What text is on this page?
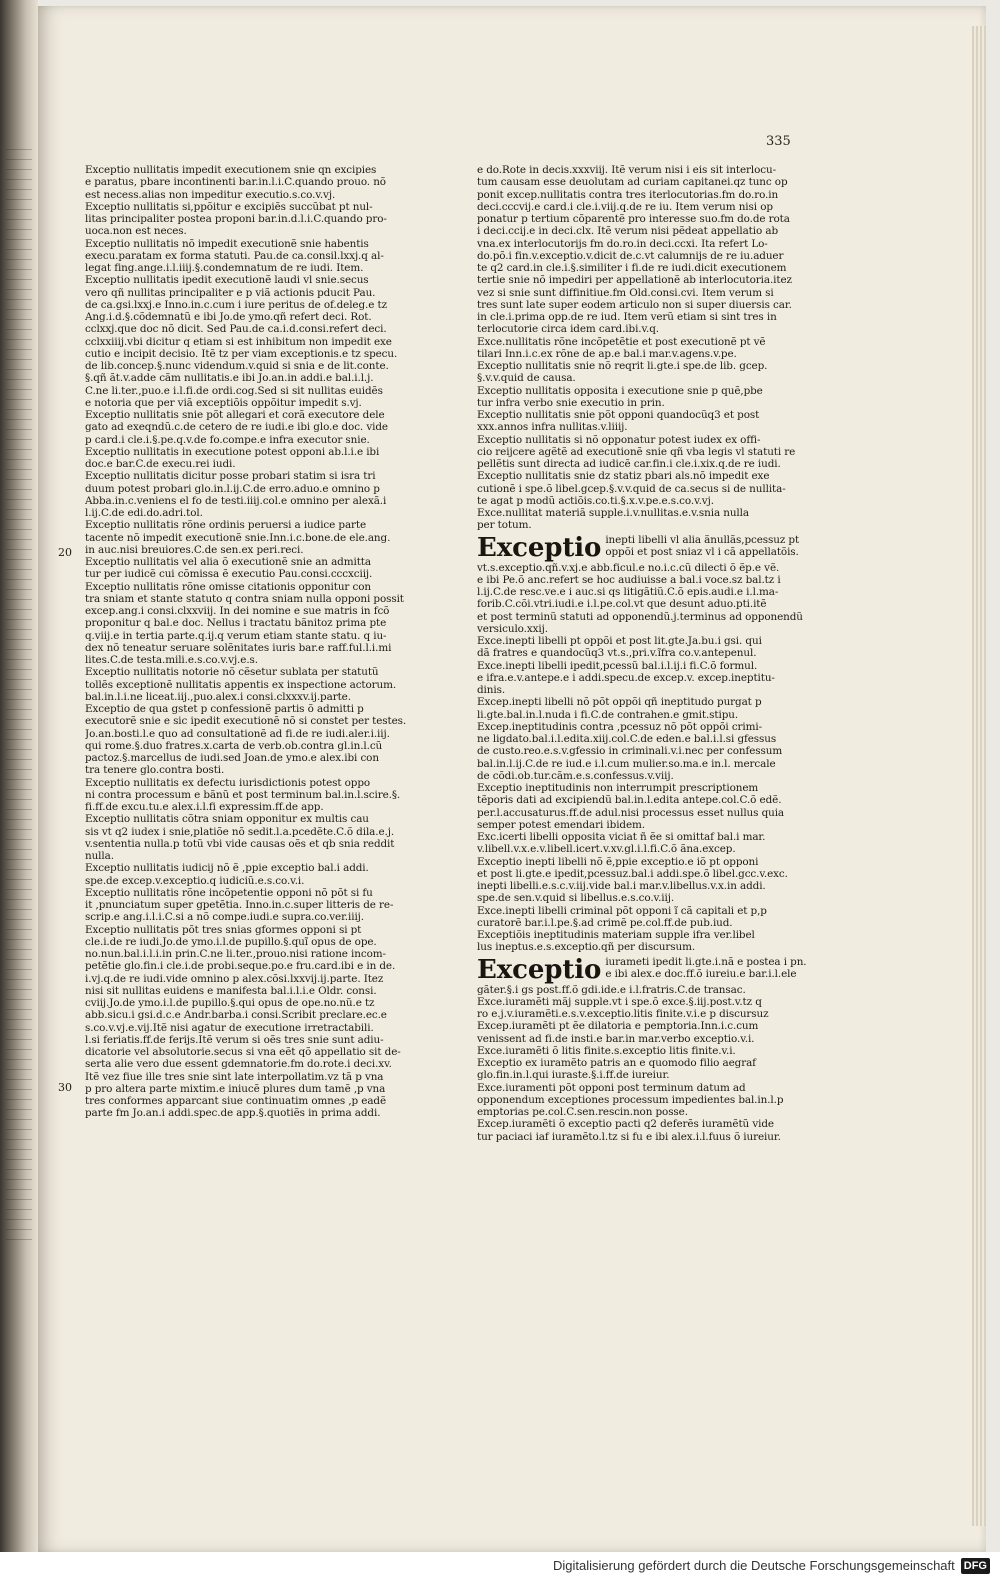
335
20
30
Exceptio nullitatis impedit executionem snie qn excipies
e paratus, pbare incontinenti bar.in.l.i.C.quando prouo. nõ
est necess.alias non impeditur executio.s.co.v.vj.
Exceptio nullitatis si,ppõitur e excipiẽs succũbat pt nul-
litas principaliter postea proponi bar.in.d.l.i.C.quando pro-
uoca.non est neces.
Exceptio nullitatis nõ impedit executionẽ snie habentis
execu.paratam ex forma statuti. Pau.de ca.consil.lxxj.q al-
legat fing.ange.i.l.iiij.§.condemnatum de re iudi. Item.
Exceptio nullitatis ipedit executionẽ laudi vl snie.secus
vero qñ nullitas principaliter e p viã actionis pducit Pau.
de ca.gsi.lxxj.e Inno.in.c.cum i iure peritus de of.deleg.e tz
Ang.i.d.§.cõdemnatũ e ibi Jo.de ymo.qñ refert deci. Rot.
cclxxj.que doc nõ dicit. Sed Pau.de ca.i.d.consi.refert deci.
cclxxiiij.vbi dicitur q etiam si est inhibitum non impedit exe
cutio e incipit decisio. Itẽ tz per viam exceptionis.e tz specu.
de lib.concep.§.nunc videndum.v.quid si snia e de lit.conte.
§.qñ ãt.v.adde cãm nullitatis.e ibi Jo.an.in addi.e bal.i.l.j.
C.ne li.ter.,puo.e i.l.fi.de ordi.cog.Sed si sit nullitas euidẽs
e notoria que per viã exceptiõis oppõitur impedit s.vj.
Exceptio nullitatis snie põt allegari et corã executore dele
gato ad exeqndũ.c.de cetero de re iudi.e ibi glo.e doc. vide
p card.i cle.i.§.pe.q.v.de fo.compe.e infra executor snie.
Exceptio nullitatis in executione potest opponi ab.l.i.e ibi
doc.e bar.C.de execu.rei iudi.
Exceptio nullitatis dicitur posse probari statim si isra tri
duum potest probari glo.in.l.ij.C.de erro.aduo.e omnino p
Abba.in.c.veniens el fo de testi.iiij.col.e omnino per alexã.i
l.ij.C.de edi.do.adri.tol.
Exceptio nullitatis rõne ordinis peruersi a iudice parte
tacente nõ impedit executionẽ snie.Inn.i.c.bone.de ele.ang.
in auc.nisi breuiores.C.de sen.ex peri.reci.
Exceptio nullitatis vel alia õ executionẽ snie an admitta
tur per iudicẽ cui cõmissa ẽ executio Pau.consi.cccxciij.
Exceptio nullitatis rõne omisse citationis opponitur con
tra sniam et stante statuto q contra sniam nulla opponi possit
excep.ang.i consi.clxxviij. In dei nomine e sue matris in fcõ
proponitur q bal.e doc. Nellus i tractatu bãnitoz prima pte
q.viij.e in tertia parte.q.ij.q verum etiam stante statu. q iu-
dex nõ teneatur seruare solẽnitates iuris bar.e raff.ful.l.i.mi
lites.C.de testa.mili.e.s.co.v.vj.e.s.
Exceptio nullitatis notorie nõ cẽsetur sublata per statutũ
tollẽs exceptionẽ nullitatis appentis ex inspectione actorum.
bal.in.l.i.ne liceat.iij.,puo.alex.i consi.clxxxv.ij.parte.
Exceptio de qua gstet p confessionẽ partis õ admitti p
executorẽ snie e sic ipedit executionẽ nõ si constet per testes.
Jo.an.bosti.l.e quo ad consultationẽ ad fi.de re iudi.aler.i.iij.
qui rome.§.duo fratres.x.carta de verb.ob.contra gl.in.l.cũ
pactoz.§.marcellus de iudi.sed Joan.de ymo.e alex.ibi con
tra tenere glo.contra bosti.
Exceptio nullitatis ex defectu iurisdictionis potest oppo
ni contra processum e bãnũ et post terminum bal.in.l.scire.§.
fi.ff.de excu.tu.e alex.i.l.fi expressim.ff.de app.
Exceptio nullitatis cõtra sniam opponitur ex multis cau
sis vt q2 iudex i snie,platiõe nõ sedit.l.a.pcedẽte.C.õ dila.e.j.
v.sententia nulla.p totũ vbi vide causas oẽs et qb snia reddit
nulla.
Exceptio nullitatis iudicij nõ ẽ ,ppie exceptio bal.i addi.
spe.de excep.v.exceptio.q iudiciũ.e.s.co.v.i.
Exceptio nullitatis rõne incõpetentie opponi nõ põt si fu
it ,pnunciatum super gpetẽtia. Inno.in.c.super litteris de re-
scrip.e ang.i.l.i.C.si a nõ compe.iudi.e supra.co.ver.iiij.
Exceptio nullitatis põt tres snias gformes opponi si pt
cle.i.de re iudi.Jo.de ymo.i.l.de pupillo.§.quĩ opus de ope.
no.nun.bal.i.l.i.in prin.C.ne li.ter.,prouo.nisi ratione incom-
petẽtie glo.fin.i cle.i.de probi.seque.po.e fru.card.ibi e in de.
i.vj.q.de re iudi.vide omnino p alex.cõsi.lxxvij.ij.parte. Itez
nisi sit nullitas euidens e manifesta bal.i.l.i.e Oldr. consi.
cviij.Jo.de ymo.i.l.de pupillo.§.qui opus de ope.no.nũ.e tz
abb.sicu.i gsi.d.c.e Andr.barba.i consi.Scribit preclare.ec.e
s.co.v.vj.e.vij.Itẽ nisi agatur de executione irretractabili.
l.si feriatis.ff.de ferijs.Itẽ verum si oẽs tres snie sunt adiu-
dicatorie vel absolutorie.secus si vna eẽt qõ appellatio sit de-
serta alie vero due essent gdemnatorie.fm do.rote.i deci.xv.
Itẽ vez fiue ille tres snie sint late interpollatim.vz tã p vna
p pro altera parte mixtim.e iniucẽ plures dum tamẽ ,p vna
tres conformes apparcant siue continuatim omnes ,p eadẽ
parte fm Jo.an.i addi.spec.de app.§.quotiẽs in prima addi.
e do.Rote in decis.xxxviij. Itẽ verum nisi i eis sit interlocu-
tum causam esse deuolutam ad curiam capitanei.qz tunc op
ponit excep.nullitatis contra tres iterlocutorias.fm do.ro.in
deci.cccvij.e card.i cle.i.viij.q.de re iu. Item verum nisi op
ponatur p tertium cõparentẽ pro interesse suo.fm do.de rota
i deci.ccij.e in deci.clx. Itẽ verum nisi pẽdeat appellatio ab
vna.ex interlocutorijs fm do.ro.in deci.ccxi. Ita refert Lo-
do.põ.i fin.v.exceptio.v.dicit de.c.vt calumnijs de re iu.aduer
te q2 card.in cle.i.§.similiter i fi.de re iudi.dicit executionem
tertie snie nõ impediri per appellationẽ ab interlocutoria.itez
vez si snie sunt diffinitiue.fm Old.consi.cvi. Item verum si
tres sunt late super eodem articulo non si super diuersis car.
in cle.i.prima opp.de re iud. Item verũ etiam si sint tres in
terlocutorie circa idem card.ibi.v.q.
Exce.nullitatis rõne incõpetẽtie et post executionẽ pt vẽ
tilari Inn.i.c.ex rõne de ap.e bal.i mar.v.agens.v.pe.
Exceptio nullitatis snie nõ reqrit li.gte.i spe.de lib. gcep.
§.v.v.quid de causa.
Exceptio nullitatis opposita i executione snie p quẽ,pbe
tur infra verbo snie executio in prin.
Exceptio nullitatis snie põt opponi quandocũq3 et post
xxx.annos infra nullitas.v.liiij.
Exceptio nullitatis si nõ opponatur potest iudex ex offi-
cio reijcere agẽtẽ ad executionẽ snie qñ vba legis vl statuti re
pellẽtis sunt directa ad iudicẽ car.fin.i cle.i.xix.q.de re iudi.
Exceptio nullitatis snie dz statiz pbari als.nõ impedit exe
cutionẽ i spe.õ libel.gcep.§.v.v.quid de ca.secus si de nullita-
te agat p modũ actiõis.co.ti.§.x.v.pe.e.s.co.v.vj.
Exce.nullitat materiã supple.i.v.nullitas.e.v.snia nulla
per totum.
Exceptio inepti libelli vl alia ãnullãs,pcessuz pt
oppõi et post sniaz vl i cã appellatõis.
vt.s.exceptio.qñ.v.xj.e abb.ficul.e no.i.c.cũ dilecti õ ẽp.e vẽ.
e ibi Pe.õ anc.refert se hoc audiuisse a bal.i voce.sz bal.tz i
l.ij.C.de resc.ve.e i auc.si qs litigãtiũ.C.õ epis.audi.e i.l.ma-
forib.C.cõi.vtri.iudi.e i.l.pe.col.vt que desunt aduo.pti.itẽ
et post terminũ statuti ad opponendũ.j.terminus ad opponendũ
versiculo.xxij.
Exce.inepti libelli pt oppõi et post lit.gte.Ja.bu.i gsi. qui
dã fratres e quandocũq3 vt.s.,pri.v.ĩfra co.v.antepenul.
Exce.inepti libelli ipedit,pcessũ bal.i.l.ij.i fi.C.õ formul.
e ifra.e.v.antepe.e i addi.specu.de excep.v. excep.ineptitu-
dinis.
Excep.inepti libelli nõ põt oppõi qñ ineptitudo purgat p
li.gte.bal.in.l.nuda i fi.C.de contrahen.e gmit.stipu.
Excep.ineptitudinis contra ,pcessuz nõ põt oppõi crimi-
ne ligdato.bal.i.l.edita.xiij.col.C.de eden.e bal.i.l.si gfessus
de custo.reo.e.s.v.gfessio in criminali.v.i.nec per confessum
bal.in.l.ij.C.de re iud.e i.l.cum mulier.so.ma.e in.l. mercale
de cõdi.ob.tur.cãm.e.s.confessus.v.viij.
Exceptio ineptitudinis non interrumpit prescriptionem
tẽporis dati ad excipiendũ bal.in.l.edita antepe.col.C.õ edẽ.
per.l.accusaturus.ff.de adul.nisi processus esset nullus quia
semper potest emendari ibidem.
Exc.icerti libelli opposita viciat ñ ẽe si omittaf bal.i mar.
v.libell.v.x.e.v.libell.icert.v.xv.gl.i.l.fi.C.õ ãna.excep.
Exceptio inepti libelli nõ ẽ,ppie exceptio.e iõ pt opponi
et post li.gte.e ipedit,pcessuz.bal.i addi.spe.õ libel.gcc.v.exc.
inepti libelli.e.s.c.v.iij.vide bal.i mar.v.libellus.v.x.in addi.
spe.de sen.v.quid si libellus.e.s.co.v.iij.
Exce.inepti libelli criminal põt opponi ĩ cã capitali et p,p
curatorẽ bar.i.l.pe.§.ad crimẽ pe.col.ff.de pub.iud.
Exceptiõis ineptitudinis materiam supple ifra ver.libel
lus ineptus.e.s.exceptio.qñ per discursum.
Exceptio iurameti ipedit li.gte.i.nã e postea i pn.
e ibi alex.e doc.ff.õ iureiu.e bar.i.l.ele
gãter.§.i gs post.ff.õ gdi.ide.e i.l.fratris.C.de transac.
Exce.iuramẽti mãj supple.vt i spe.õ exce.§.iij.post.v.tz q
ro e.j.v.iuramẽti.e.s.v.exceptio.litis finite.v.i.e p discursuz
Excep.iuramẽti pt ẽe dilatoria e pemptoria.Inn.i.c.cum
venissent ad fi.de insti.e bar.in mar.verbo exceptio.v.i.
Exce.iuramẽti õ litis finite.s.exceptio litis finite.v.i.
Exceptio ex iuramẽto patris an e quomodo filio aegraf
glo.fin.in.l.qui iuraste.§.i.ff.de iureiur.
Exce.iuramenti põt opponi post terminum datum ad
opponendum exceptiones processum impedientes bal.in.l.p
emptorias pe.col.C.sen.rescin.non posse.
Excep.iuramẽti õ exceptio pacti q2 deferẽs iuramẽtũ vide
tur paciaci iaf iuramẽto.l.tz si fu e ibi alex.i.l.fuus õ iureiur.
Digitalisierung gefördert durch die Deutsche Forschungsgemeinschaft DFG
